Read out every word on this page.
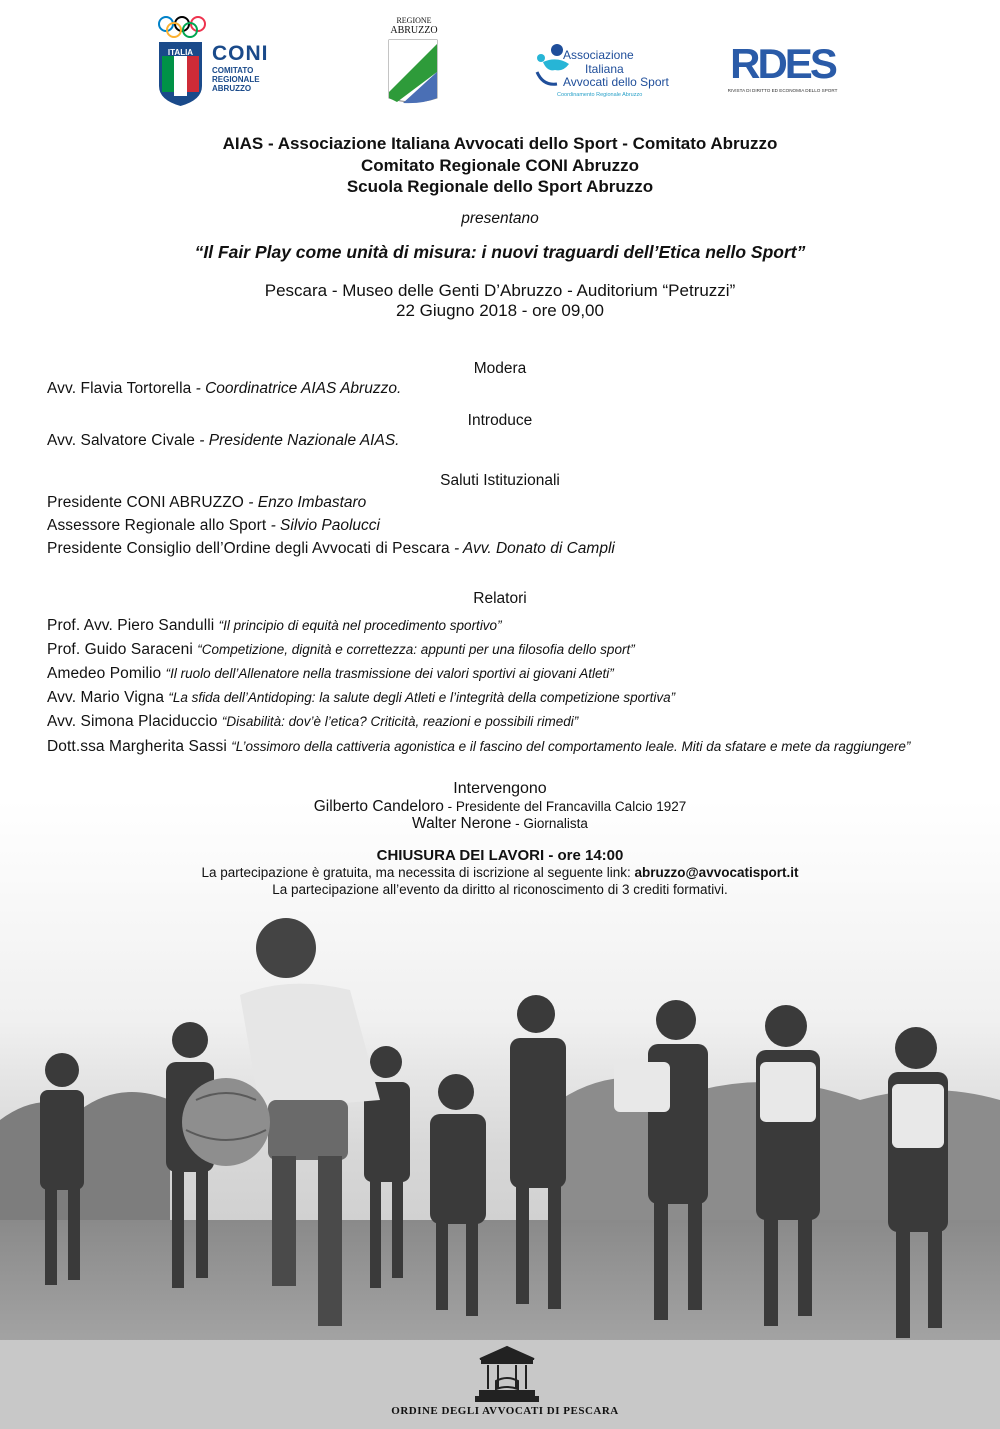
ITALIA CONI
COMITATO
REGIONALE
ABRUZZO
REGIONE
ABRUZZO
Associazione
Italiana
Avvocati dello Sport
Coordinamento Regionale Abruzzo
RDES
RIVISTA DI DIRITTO ED ECONOMIA DELLO SPORT
AIAS - Associazione Italiana Avvocati dello Sport - Comitato Abruzzo
Comitato Regionale CONI Abruzzo
Scuola Regionale dello Sport Abruzzo
presentano
“Il Fair Play come unità di misura: i nuovi traguardi dell’Etica nello Sport”
Pescara - Museo delle Genti D’Abruzzo - Auditorium “Petruzzi”
22 Giugno 2018 - ore 09,00
Modera
Avv. Flavia Tortorella - Coordinatrice AIAS Abruzzo.
Introduce
Avv. Salvatore Civale - Presidente Nazionale AIAS.
Saluti Istituzionali
Presidente CONI ABRUZZO - Enzo Imbastaro
Assessore Regionale allo Sport - Silvio Paolucci
Presidente Consiglio dell’Ordine degli Avvocati di Pescara - Avv. Donato di Campli
Relatori
Prof. Avv. Piero Sandulli “Il principio di equità nel procedimento sportivo”
Prof. Guido Saraceni “Competizione, dignità e correttezza: appunti per una filosofia dello sport”
Amedeo Pomilio “Il ruolo dell’Allenatore nella trasmissione dei valori sportivi ai giovani Atleti”
Avv. Mario Vigna “La sfida dell’Antidoping: la salute degli Atleti e l’integrità della competizione sportiva”
Avv. Simona Placiduccio “Disabilità: dov’è l’etica? Criticità, reazioni e possibili rimedi”
Dott.ssa Margherita Sassi “L’ossimoro della cattiveria agonistica e il fascino del comportamento leale. Miti da sfatare e mete da raggiungere”
Intervengono
Gilberto Candeloro - Presidente del Francavilla Calcio 1927
Walter Nerone - Giornalista
CHIUSURA DEI LAVORI - ore 14:00
La partecipazione è gratuita, ma necessita di iscrizione al seguente link: abruzzo@avvocatisport.it
La partecipazione all’evento da diritto al riconoscimento di 3 crediti formativi.
ORDINE DEGLI AVVOCATI DI PESCARA
